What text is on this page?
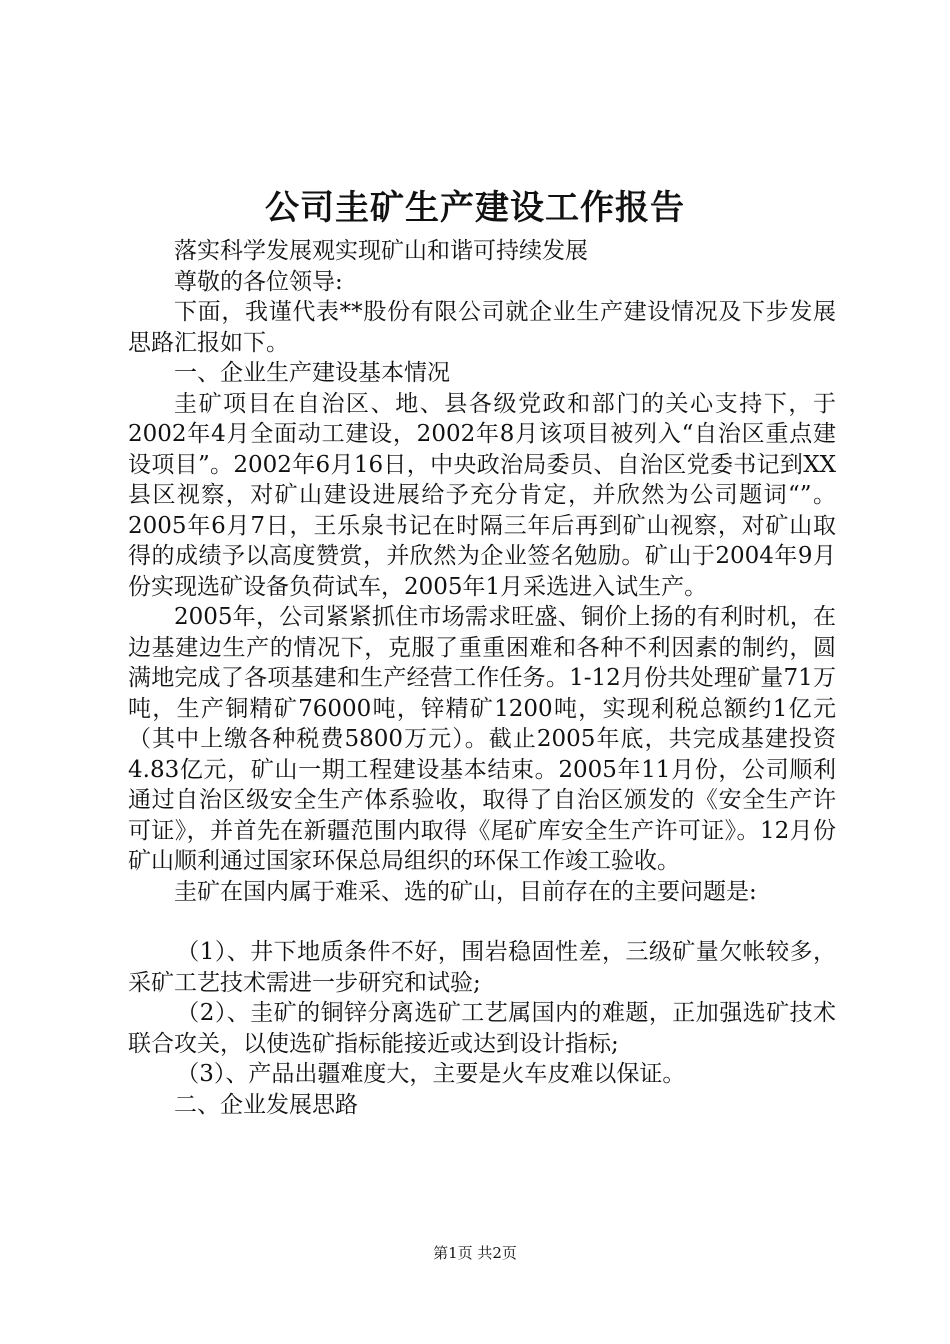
公司圭矿生产建设工作报告

落实科学发展观实现矿山和谐可持续发展

尊敬的各位领导:

下面，我谨代表**股份有限公司就企业生产建设情况及下步发展思路汇报如下。

一、企业生产建设基本情况

圭矿项目在自治区、地、县各级党政和部门的关心支持下，于2002年4月全面动工建设，2002年8月该项目被列入“自治区重点建设项目”。2002年6月16日，中央政治局委员、自治区党委书记到XX县区视察，对矿山建设进展给予充分肯定，并欣然为公司题词“”。2005年6月7日，王乐泉书记在时隔三年后再到矿山视察，对矿山取得的成绩予以高度赞赏，并欣然为企业签名勉励。矿山于2004年9月份实现选矿设备负荷试车，2005年1月采选进入试生产。

2005年，公司紧紧抓住市场需求旺盛、铜价上扬的有利时机，在边基建边生产的情况下，克服了重重困难和各种不利因素的制约，圆满地完成了各项基建和生产经营工作任务。1-12月份共处理矿量71万吨，生产铜精矿76000吨，锌精矿1200吨，实现利税总额约1亿元（其中上缴各种税费5800万元）。截止2005年底，共完成基建投资4.83亿元，矿山一期工程建设基本结束。2005年11月份，公司顺利通过自治区级安全生产体系验收，取得了自治区颁发的《安全生产许可证》，并首先在新疆范围内取得《尾矿库安全生产许可证》。12月份矿山顺利通过国家环保总局组织的环保工作竣工验收。

圭矿在国内属于难采、选的矿山，目前存在的主要问题是:

（1）、井下地质条件不好，围岩稳固性差，三级矿量欠帐较多，采矿工艺技术需进一步研究和试验;

（2）、圭矿的铜锌分离选矿工艺属国内的难题，正加强选矿技术联合攻关，以使选矿指标能接近或达到设计指标;

（3）、产品出疆难度大，主要是火车皮难以保证。

二、企业发展思路

第1页 共2页
